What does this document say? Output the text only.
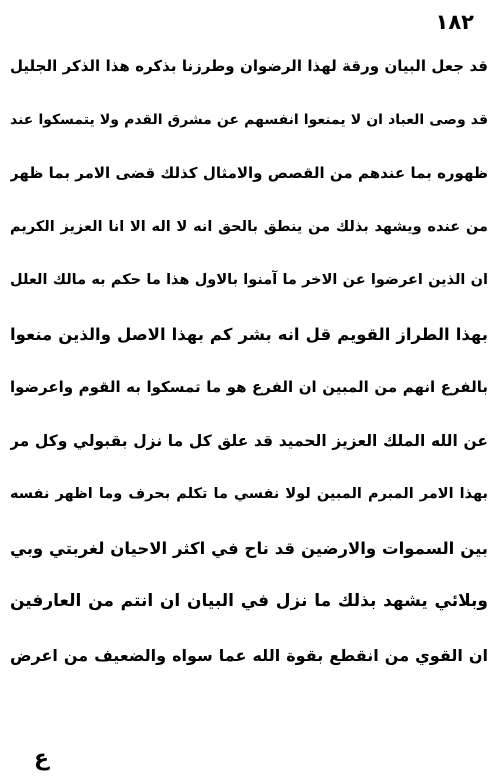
١٨٢
قد جعل البيان ورقة لهذا الرضوان وطرزنا بذكره هذا الذكر الجليل
قد وصى العباد ان لا يمنعوا انفسهم عن مشرق القدم ولا يتمسكوا عند
ظهوره بما عندهم من القصص والامثال كذلك قضى الامر بما ظهر
من عنده ويشهد بذلك من ينطق بالحق انه لا اله الا انا العزيز الكريم
ان الذين اعرضوا عن الاخر ما آمنوا بالاول هذا ما حكم به مالك العلل
بهذا الطراز القويم قل انه بشر كم بهذا الاصل والذين منعوا
بالفرع انهم من المبين ان الفرع هو ما تمسكوا به القوم واعرضوا
عن الله الملك العزيز الحميد قد علق كل ما نزل بقبولي وكل مر
بهذا الامر المبرم المبين لولا نفسي ما تكلم بحرف وما اظهر نفسه
بين السموات والارضين قد ناح في اكثر الاحيان لغربتي وبي
وبلائي يشهد بذلك ما نزل في البيان ان انتم من العارفين
ان القوي من انقطع بقوة الله عما سواه والضعيف من اعرض
ع
